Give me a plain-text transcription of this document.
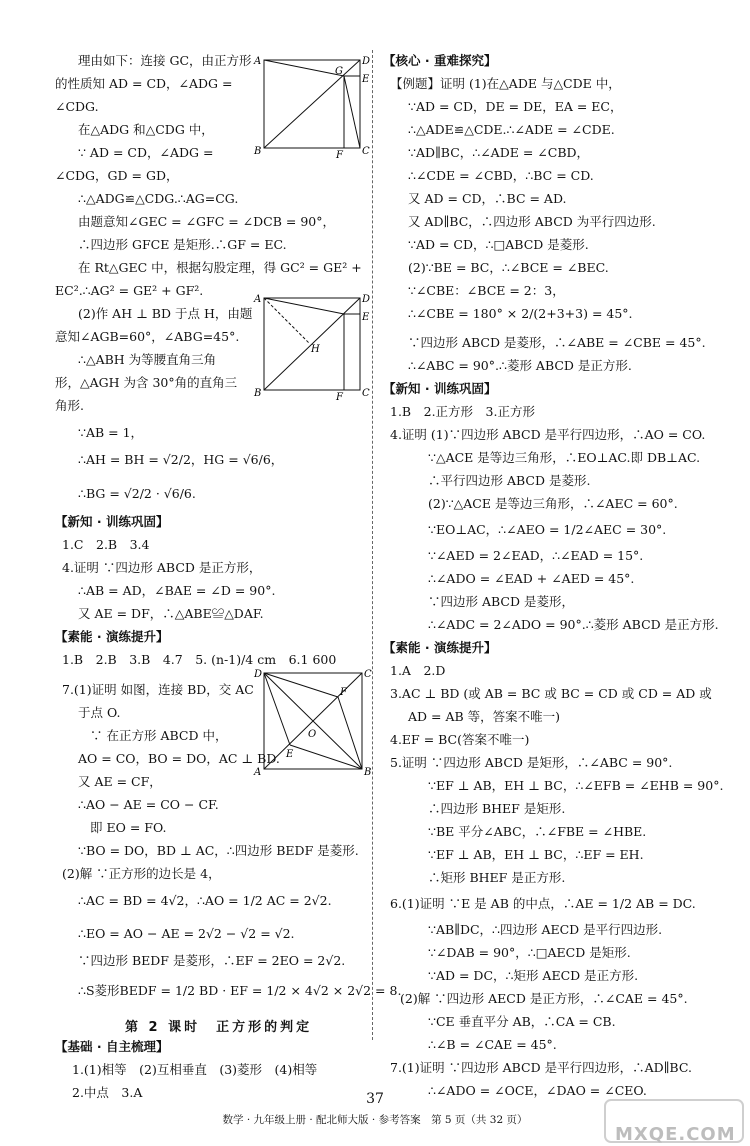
理由如下：连接 GC，由正方形
的性质知 AD = CD，∠ADG =
∠CDG.
在△ADG 和△CDG 中，
∵ AD = CD，∠ADG =
∠CDG，GD = GD，
∴△ADG≌△CDG.∴AG=CG.
由题意知∠GEC = ∠GFC = ∠DCB = 90°，
∴四边形 GFCE 是矩形.∴GF = EC.
在 Rt△GEC 中，根据勾股定理，得 GC² = GE² +
EC².∴AG² = GE² + GF².
(2)作 AH ⊥ BD 于点 H，由题
意知∠AGB=60°，∠ABG=45°.
∴△ABH 为等腰直角三角
形，△AGH 为含 30°角的直角三
角形.
∵AB = 1，
∴AH = BH = √2/2，HG = √6/6，
∴BG = √2/2 · √6/6.
【新知 · 训练巩固】
1.C　2.B　3.4
4.证明 ∵四边形 ABCD 是正方形，
∴AB = AD，∠BAE = ∠D = 90°.
又 AE = DF，∴△ABE≌△DAF.
【素能 · 演练提升】
1.B　2.B　3.B　4.7　5. (n-1)/4 cm　6.1 600
7.(1)证明 如图，连接 BD，交 AC
于点 O.
∵ 在正方形 ABCD 中，
AO = CO，BO = DO，AC ⊥ BD.
又 AE = CF，
∴AO − AE = CO − CF.
即 EO = FO.
∵BO = DO，BD ⊥ AC，∴四边形 BEDF 是菱形.
(2)解 ∵正方形的边长是 4，
∴AC = BD = 4√2，∴AO = 1/2 AC = 2√2.
∴EO = AO − AE = 2√2 − √2 = √2.
∵四边形 BEDF 是菱形，∴EF = 2EO = 2√2.
∴S菱形BEDF = 1/2 BD · EF = 1/2 × 4√2 × 2√2 = 8.
【基础 · 自主梳理】
1.(1)相等　(2)互相垂直　(3)菱形　(4)相等
2.中点　3.A
第 2 课时　正方形的判定
A	D
G
E
B	F C
A	D
E
H
B	F C
D	C
F
O
E
A	B
【核心 · 重难探究】
【例题】证明 (1)在△ADE 与△CDE 中，
∵AD = CD，DE = DE，EA = EC，
∴△ADE≌△CDE.∴∠ADE = ∠CDE.
∵AD∥BC，∴∠ADE = ∠CBD，
∴∠CDE = ∠CBD，∴BC = CD.
又 AD = CD，∴BC = AD.
又 AD∥BC，∴四边形 ABCD 为平行四边形.
∵AD = CD，∴□ABCD 是菱形.
(2)∵BE = BC，∴∠BCE = ∠BEC.
∵∠CBE：∠BCE = 2：3，
∴∠CBE = 180° × 2/(2+3+3) = 45°.
∵四边形 ABCD 是菱形，∴∠ABE = ∠CBE = 45°.
∴∠ABC = 90°.∴菱形 ABCD 是正方形.
【新知 · 训练巩固】
1.B　2.正方形　3.正方形
4.证明 (1)∵四边形 ABCD 是平行四边形，∴AO = CO.
∵△ACE 是等边三角形，∴EO⊥AC.即 DB⊥AC.
∴平行四边形 ABCD 是菱形.
(2)∵△ACE 是等边三角形，∴∠AEC = 60°.
∵EO⊥AC，∴∠AEO = 1/2∠AEC = 30°.
∵∠AED = 2∠EAD，∴∠EAD = 15°.
∴∠ADO = ∠EAD + ∠AED = 45°.
∵四边形 ABCD 是菱形，
∴∠ADC = 2∠ADO = 90°.∴菱形 ABCD 是正方形.
【素能 · 演练提升】
1.A　2.D
3.AC ⊥ BD (或 AB = BC 或 BC = CD 或 CD = AD 或
AD = AB 等，答案不唯一)
4.EF = BC(答案不唯一)
5.证明 ∵四边形 ABCD 是矩形，∴∠ABC = 90°.
∵EF ⊥ AB，EH ⊥ BC，∴∠EFB = ∠EHB = 90°.
∴四边形 BHEF 是矩形.
∵BE 平分∠ABC，∴∠FBE = ∠HBE.
∵EF ⊥ AB，EH ⊥ BC，∴EF = EH.
∴矩形 BHEF 是正方形.
6.(1)证明 ∵E 是 AB 的中点，∴AE = 1/2 AB = DC.
∵AB∥DC，∴四边形 AECD 是平行四边形.
∵∠DAB = 90°，∴□AECD 是矩形.
∵AD = DC，∴矩形 AECD 是正方形.
(2)解 ∵四边形 AECD 是正方形，∴∠CAE = 45°.
∵CE 垂直平分 AB，∴CA = CB.
∴∠B = ∠CAE = 45°.
7.(1)证明 ∵四边形 ABCD 是平行四边形，∴AD∥BC.
∴∠ADO = ∠OCE，∠DAO = ∠CEO.
37
数学 · 九年级上册 · 配北师大版 · 参考答案　第 5 页（共 32 页）
MXQE.COM
